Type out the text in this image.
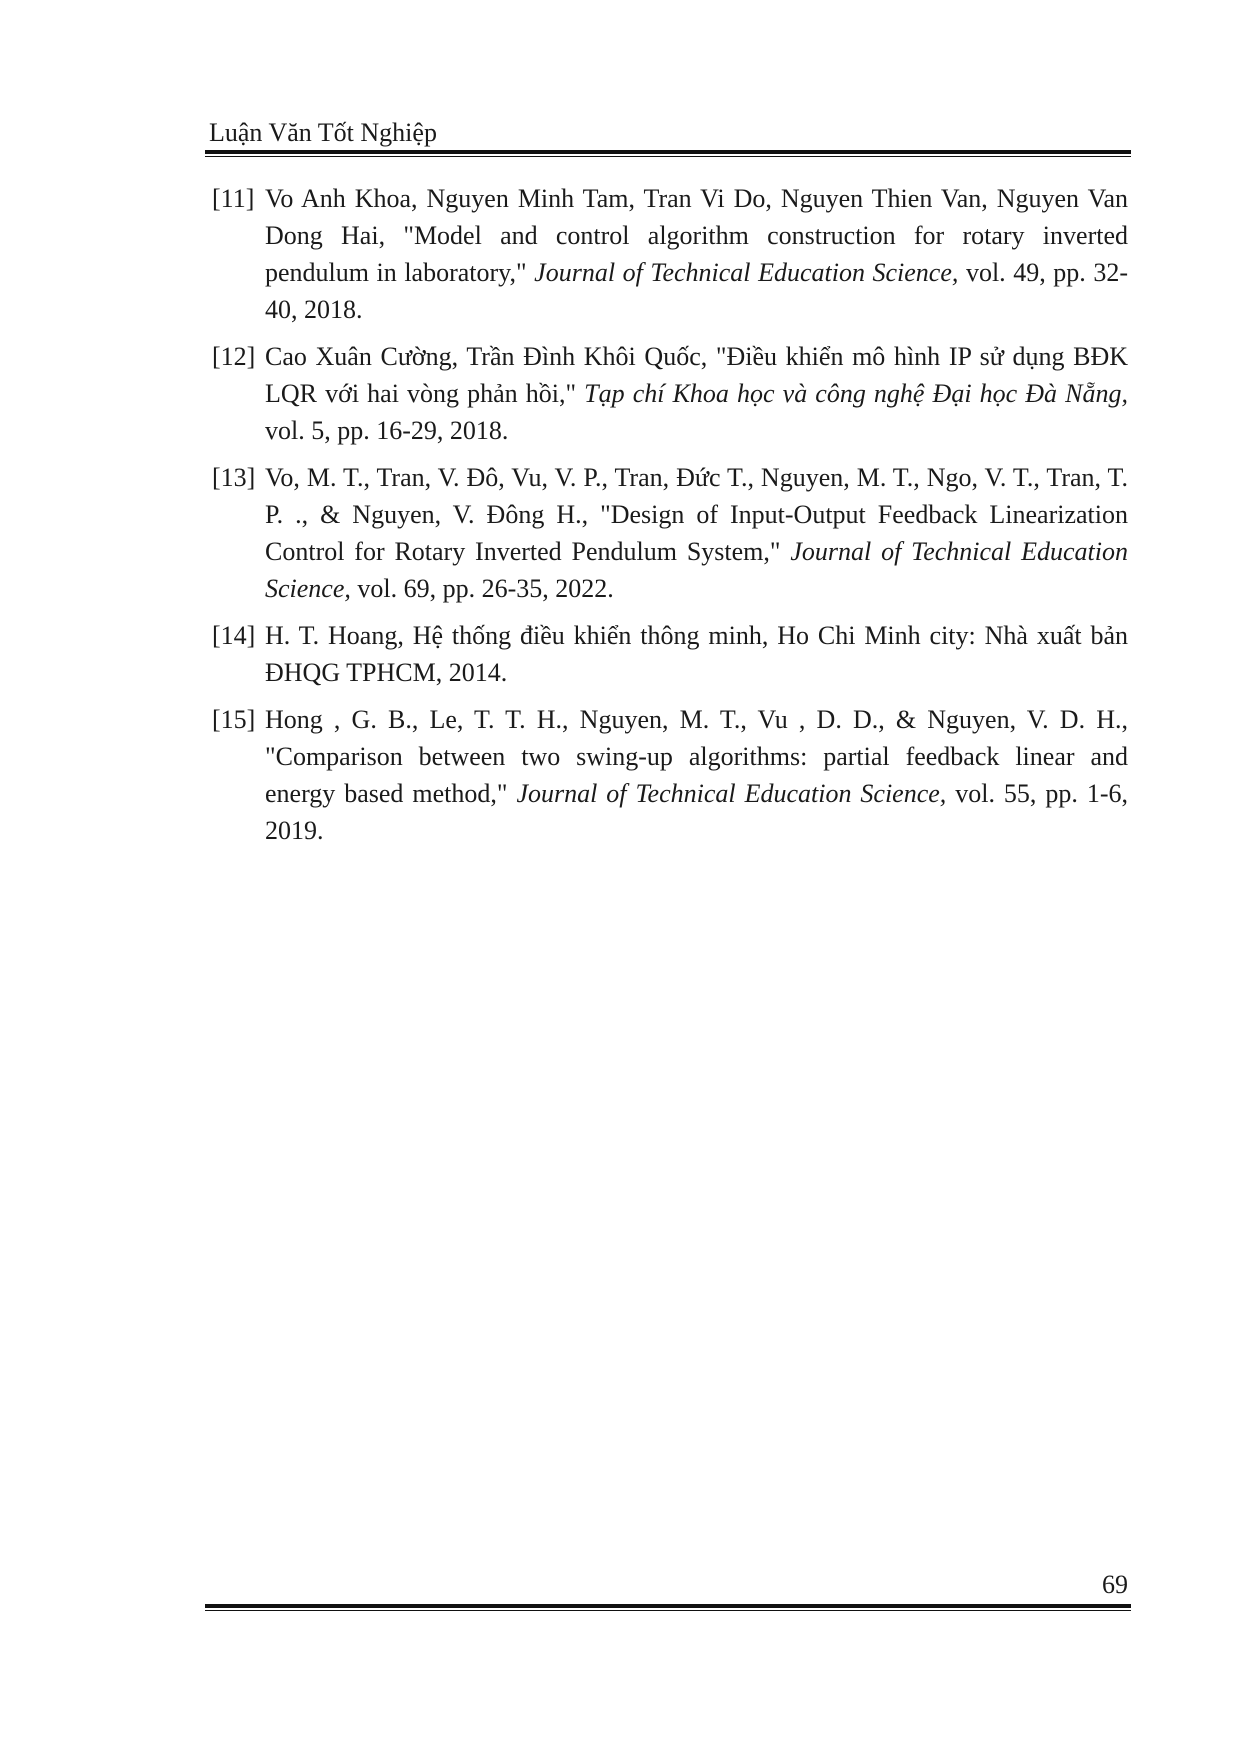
Luận Văn Tốt Nghiệp
[11] Vo Anh Khoa, Nguyen Minh Tam, Tran Vi Do, Nguyen Thien Van, Nguyen Van Dong Hai, "Model and control algorithm construction for rotary inverted pendulum in laboratory," Journal of Technical Education Science, vol. 49, pp. 32-40, 2018.
[12] Cao Xuân Cường, Trần Đình Khôi Quốc, "Điều khiển mô hình IP sử dụng BĐK LQR với hai vòng phản hồi," Tạp chí Khoa học và công nghệ Đại học Đà Nẵng, vol. 5, pp. 16-29, 2018.
[13] Vo, M. T., Tran, V. Đô, Vu, V. P., Tran, Đức T., Nguyen, M. T., Ngo, V. T., Tran, T. P. ., & Nguyen, V. Đông H., "Design of Input-Output Feedback Linearization Control for Rotary Inverted Pendulum System," Journal of Technical Education Science, vol. 69, pp. 26-35, 2022.
[14] H. T. Hoang, Hệ thống điều khiển thông minh, Ho Chi Minh city: Nhà xuất bản ĐHQG TPHCM, 2014.
[15] Hong , G. B., Le, T. T. H., Nguyen, M. T., Vu , D. D., & Nguyen, V. D. H., "Comparison between two swing-up algorithms: partial feedback linear and energy based method," Journal of Technical Education Science, vol. 55, pp. 1-6, 2019.
69
